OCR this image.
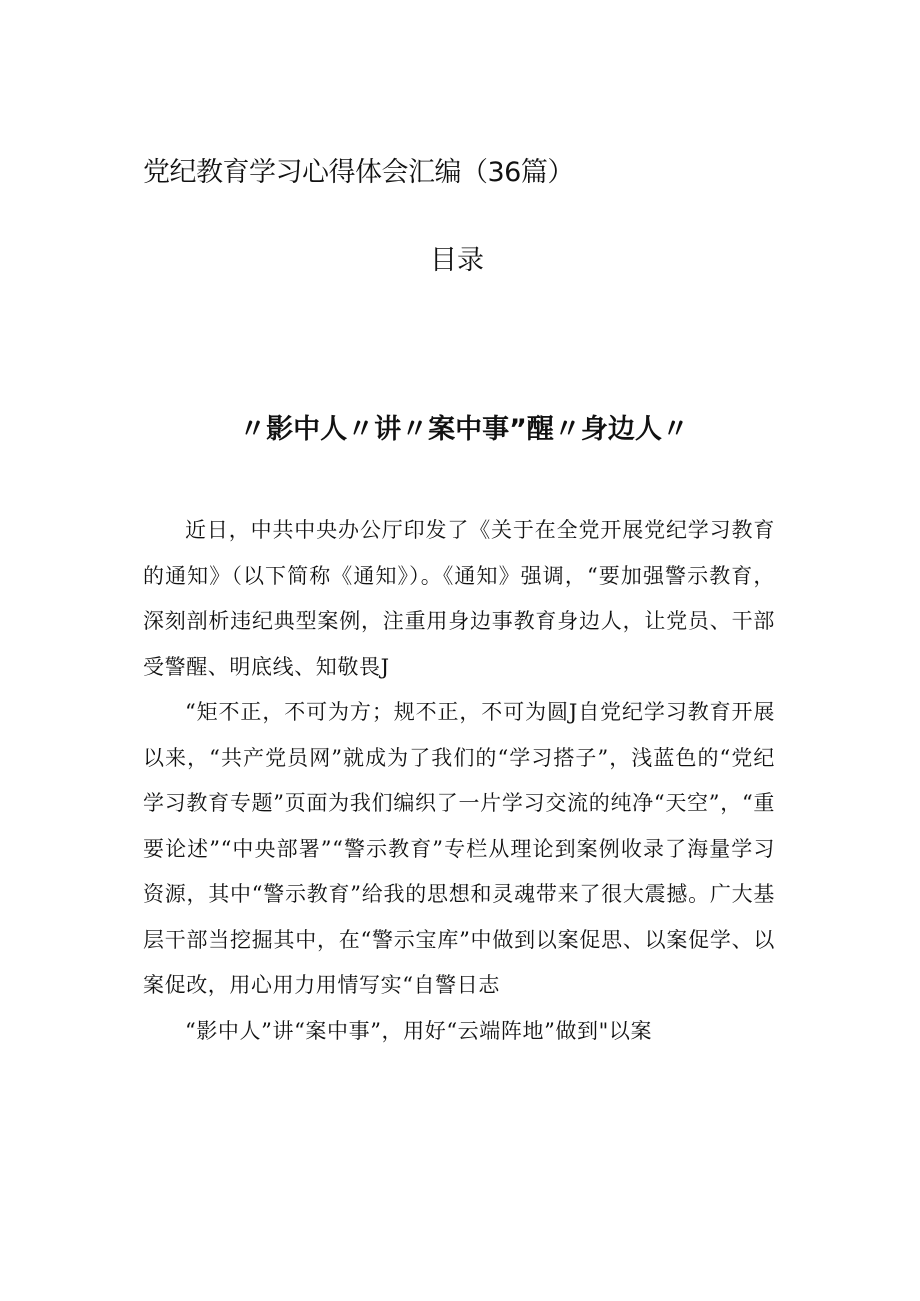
党纪教育学习心得体会汇编（36篇）
目录
〃影中人〃讲〃案中事”醒〃身边人〃

近日，中共中央办公厅印发了《关于在全党开展党纪学习教育的通知》（以下简称《通知》）。《通知》强调，“要加强警示教育，深刻剖析违纪典型案例，注重用身边事教育身边人，让党员、干部受警醒、明底线、知敬畏J

“矩不正，不可为方；规不正，不可为圆J自党纪学习教育开展以来，“共产党员网”就成为了我们的“学习搭子”，浅蓝色的“党纪学习教育专题”页面为我们编织了一片学习交流的纯净“天空”，“重要论述”“中央部署”“警示教育”专栏从理论到案例收录了海量学习资源，其中“警示教育”给我的思想和灵魂带来了很大震撼。广大基层干部当挖掘其中，在“警示宝库”中做到以案促思、以案促学、以案促改，用心用力用情写实“自警日志

“影中人”讲“案中事”，用好“云端阵地”做到"以案
